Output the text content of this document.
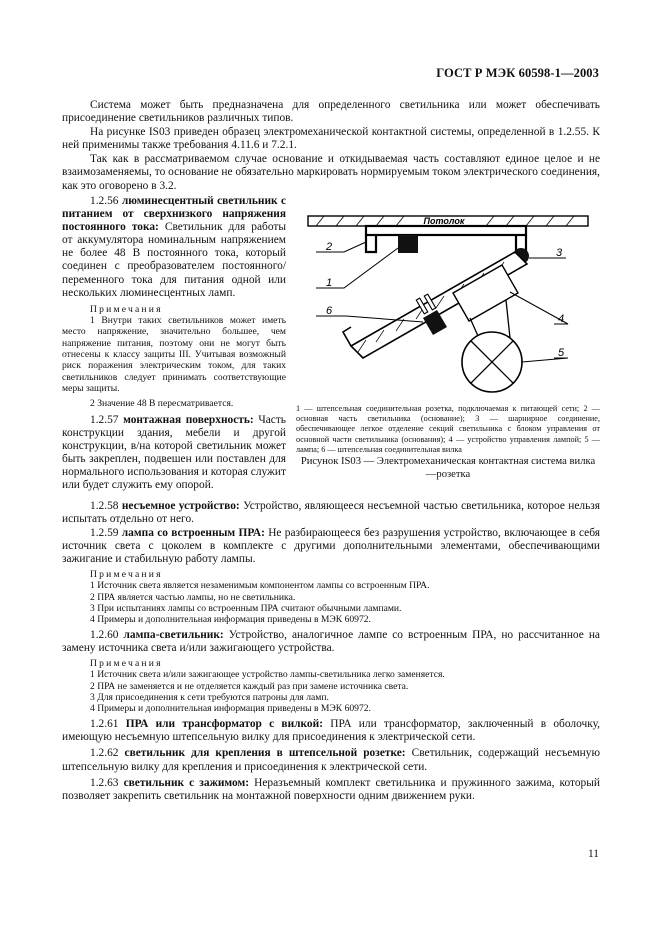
ГОСТ Р МЭК 60598-1—2003

Система может быть предназначена для определенного светильника или может обеспечивать присоединение светильников различных типов.

На рисунке IS03 приведен образец электромеханической контактной системы, определенной в 1.2.55. К ней применимы также требования 4.11.6 и 7.2.1.

Так как в рассматриваемом случае основание и откидываемая часть составляют единое целое и не взаимозаменяемы, то основание не обязательно маркировать нормируемым током электрического соединения, как это оговорено в 3.2.

1.2.56 люминесцентный светильник с питанием от сверхнизкого напряжения постоянного тока: Светильник для работы от аккумулятора номинальным напряжением не более 48 В постоянного тока, который соединен с преобразователем постоянного/переменного тока для питания одной или нескольких люминесцентных ламп.

Примечания

1 Внутри таких светильников может иметь место напряжение, значительно большее, чем напряжение питания, поэтому они не могут быть отнесены к классу защиты III. Учитывая возможный риск поражения электрическим током, для таких светильников следует принимать соответствующие меры защиты.

2 Значение 48 В пересматривается.

1.2.57 монтажная поверхность: Часть конструкции здания, мебели и другой конструкции, в/на которой светильник может быть закреплен, подвешен или поставлен для нормального использования и которая служит или будет служить ему опорой.

Потолок
1
2	3
4
5
6
1 — штепсельная соединительная розетка, подключаемая к питающей сети; 2 — основная часть светильника (основание); 3 — шарнирное соединение, обеспечивающее легкое отделение секций светильника с блоком управления от основной части светильника (основания); 4 — устройство управления лампой; 5 — лампа; 6 — штепсельная соединительная вилка
Рисунок IS03 — Электромеханическая контактная система вилка—розетка

1.2.58 несъемное устройство: Устройство, являющееся несъемной частью светильника, которое нельзя испытать отдельно от него.

1.2.59 лампа со встроенным ПРА: Не разбирающееся без разрушения устройство, включающее в себя источник света с цоколем в комплекте с другими дополнительными элементами, обеспечивающими зажигание и стабильную работу лампы.

Примечания

1 Источник света является незаменимым компонентом лампы со встроенным ПРА.

2 ПРА является частью лампы, но не светильника.

3 При испытаниях лампы со встроенным ПРА считают обычными лампами.

4 Примеры и дополнительная информация приведены в МЭК 60972.

1.2.60 лампа-светильник: Устройство, аналогичное лампе со встроенным ПРА, но рассчитанное на замену источника света и/или зажигающего устройства.

Примечания

1 Источник света и/или зажигающее устройство лампы-светильника легко заменяется.

2 ПРА не заменяется и не отделяется каждый раз при замене источника света.

3 Для присоединения к сети требуются патроны для ламп.

4 Примеры и дополнительная информация приведены в МЭК 60972.

1.2.61 ПРА или трансформатор с вилкой: ПРА или трансформатор, заключенный в оболочку, имеющую несъемную штепсельную вилку для присоединения к электрической сети.

1.2.62 светильник для крепления в штепсельной розетке: Светильник, содержащий несъемную штепсельную вилку для крепления и присоединения к электрической сети.

1.2.63 светильник с зажимом: Неразъемный комплект светильника и пружинного зажима, который позволяет закрепить светильник на монтажной поверхности одним движением руки.

11
